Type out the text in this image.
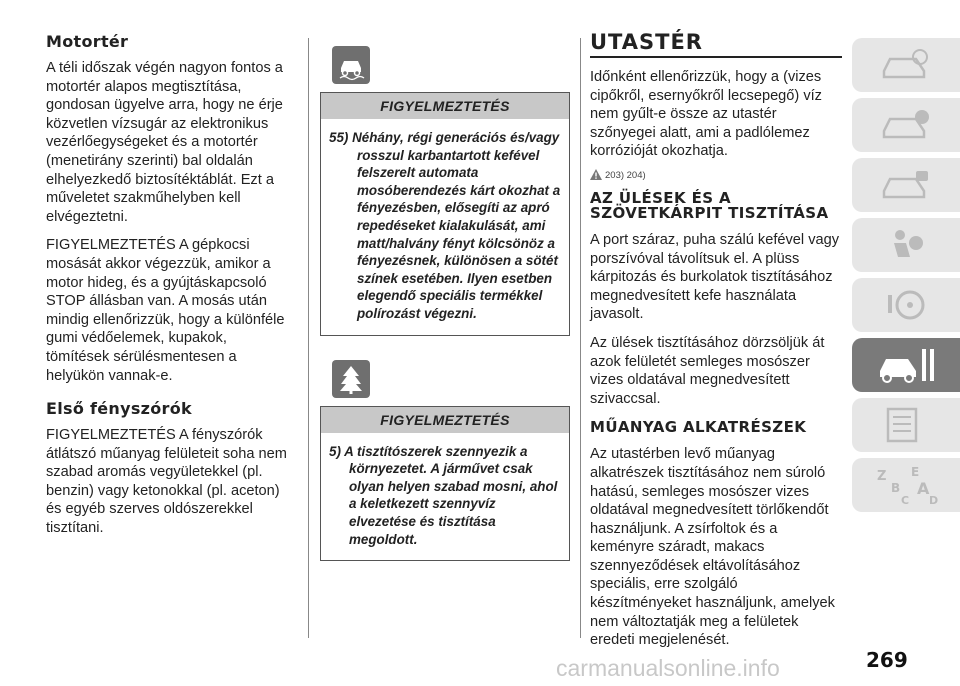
Motortér

A téli időszak végén nagyon fontos a motortér alapos megtisztítása, gondosan ügyelve arra, hogy ne érje közvetlen vízsugár az elektronikus vezérlőegységeket és a motortér (menetirány szerinti) bal oldalán elhelyezkedő biztosítéktáblát. Ezt a műveletet szakműhelyben kell elvégeztetni.

FIGYELMEZTETÉS A gépkocsi mosását akkor végezzük, amikor a motor hideg, és a gyújtáskapcsoló STOP állásban van. A mosás után mindig ellenőrizzük, hogy a különféle gumi védőelemek, kupakok, tömítések sérülésmentesen a helyükön vannak-e.

Első fényszórók

FIGYELMEZTETÉS A fényszórók átlátszó műanyag felületeit soha nem szabad aromás vegyületekkel (pl. benzin) vagy ketonokkal (pl. aceton) és egyéb szerves oldószerekkel tisztítani.

FIGYELMEZTETÉS
55) Néhány, régi generációs és/vagy rosszul karbantartott kefével felszerelt automata mosóberendezés kárt okozhat a fényezésben, elősegíti az apró repedéseket kialakulását, ami matt/halvány fényt kölcsönöz a fényezésnek, különösen a sötét színek esetében. Ilyen esetben elegendő speciális termékkel polírozást végezni.
FIGYELMEZTETÉS
5) A tisztítószerek szennyezik a környezetet. A járművet csak olyan helyen szabad mosni, ahol a keletkezett szennyvíz elvezetése és tisztítása megoldott.
UTASTÉR

Időnként ellenőrizzük, hogy a (vizes cipőkről, esernyőkről lecsepegő) víz nem gyűlt-e össze az utastér szőnyegei alatt, ami a padlólemez korrózióját okozhatja.

203) 204)
AZ ÜLÉSEK ÉS A SZÖVETKÁRPIT TISZTÍTÁSA

A port száraz, puha szálú kefével vagy porszívóval távolítsuk el. A plüss kárpitozás és burkolatok tisztításához megnedvesített kefe használata javasolt.

Az ülések tisztításához dörzsöljük át azok felületét semleges mosószer vizes oldatával megnedvesített szivaccsal.

MŰANYAG ALKATRÉSZEK

Az utastérben levő műanyag alkatrészek tisztításához nem súroló hatású, semleges mosószer vizes oldatával megnedvesített törlőkendőt használjunk. A zsírfoltok és a keményre száradt, makacs szennyeződések eltávolításához speciális, erre szolgáló készítményeket használjunk, amelyek nem változtatják meg a felületek eredeti megjelenését.

Z E
B A
C D
269
carmanualsonline.info
